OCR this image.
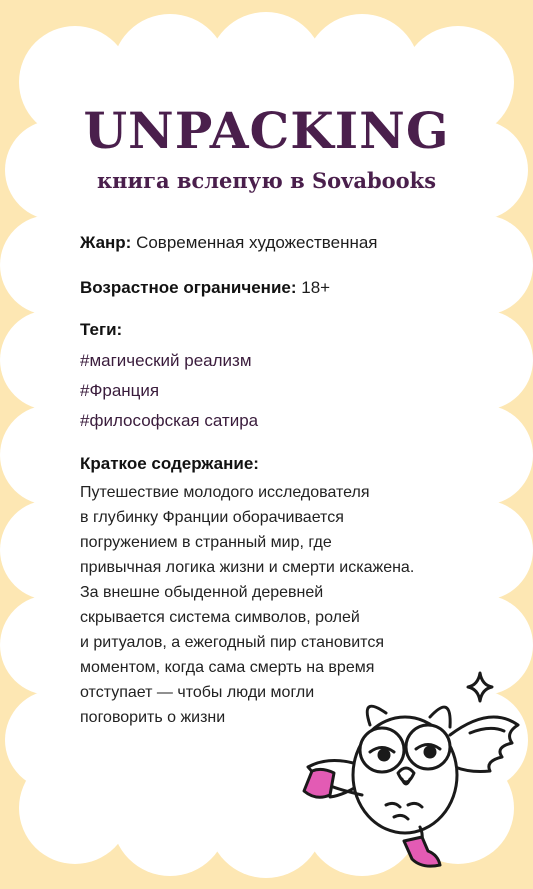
UNPACKING
книга вслепую в Sovabooks
Жанр: Современная художественная
Возрастное ограничение: 18+
Теги:
#магический реализм
#Франция
#философская сатира
Краткое содержание:
Путешествие молодого исследователя
в глубинку Франции оборачивается
погружением в странный мир, где
привычная логика жизни и смерти искажена.
За внешне обыденной деревней
скрывается система символов, ролей
и ритуалов, а ежегодный пир становится
моментом, когда сама смерть на время
отступает — чтобы люди могли
поговорить о жизни
